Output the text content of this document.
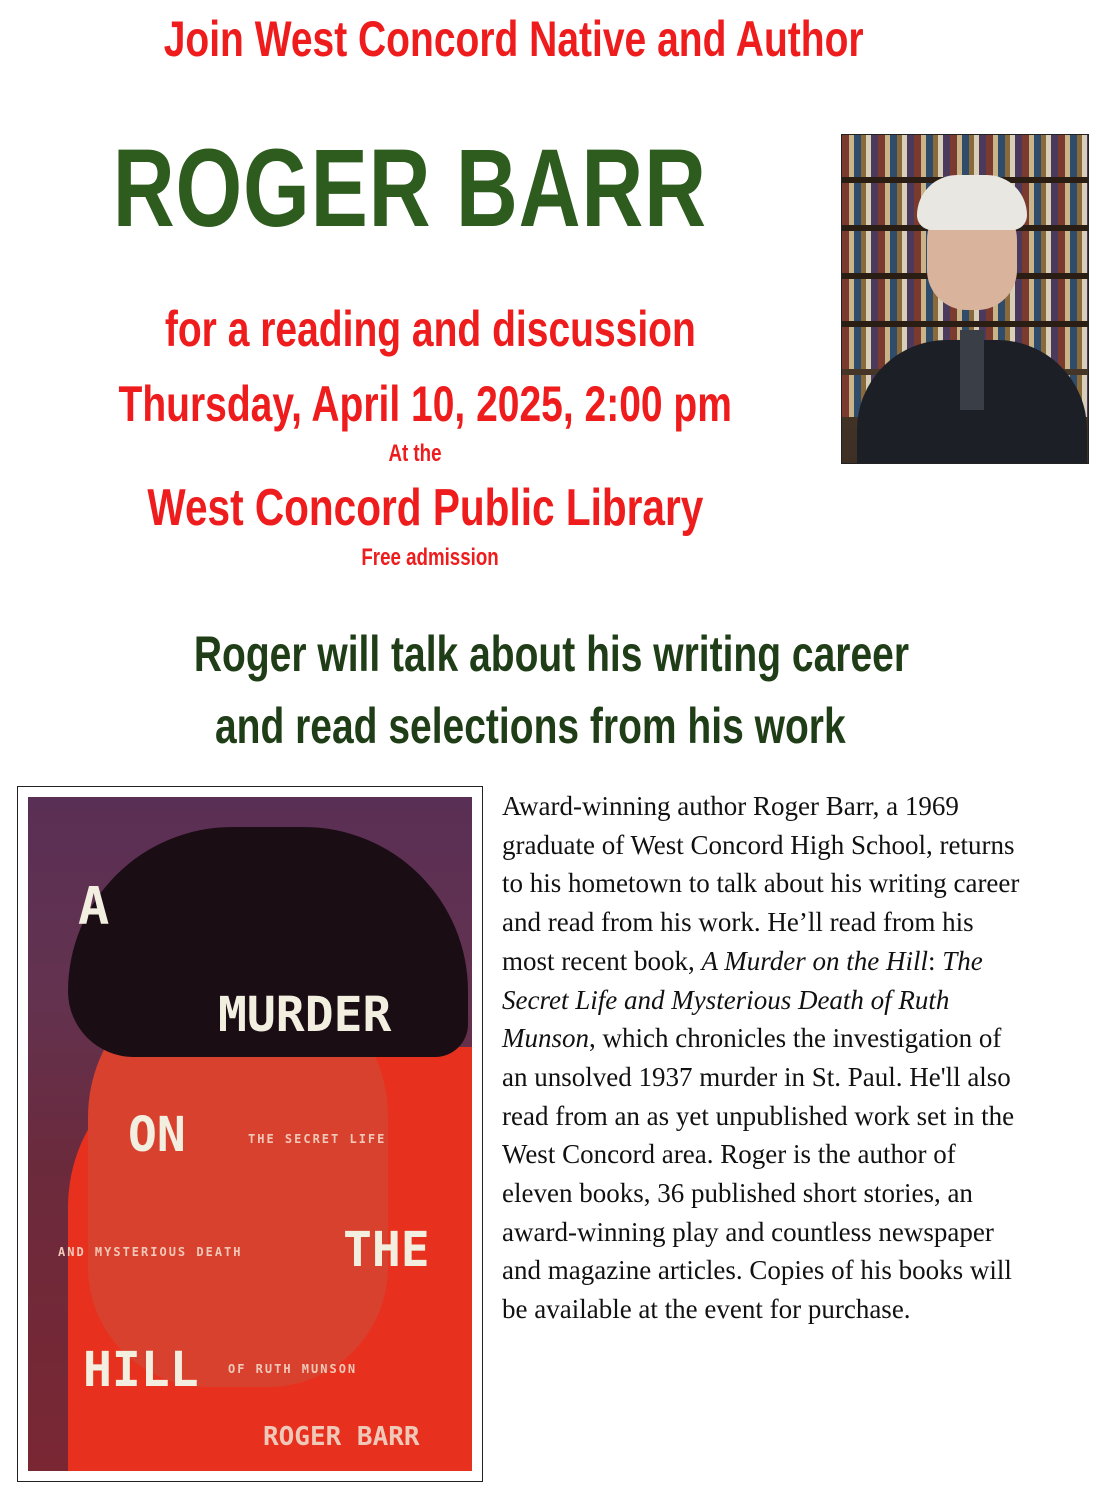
Join West Concord Native and Author
ROGER BARR
for a reading and discussion
Thursday, April 10, 2025, 2:00 pm
At the
West Concord Public Library
Free admission
Roger will talk about his writing career
and read selections from his work
A
MURDER
ON	THE SECRET LIFE
AND MYSTERIOUS DEATH THE
HILL OF RUTH MUNSON
ROGER BARR
Award-winning author Roger Barr, a 1969 graduate of West Concord High School, returns to his hometown to talk about his writing career and read from his work. He’ll read from his most recent book, A Murder on the Hill: The Secret Life and Mysterious Death of Ruth Munson, which chronicles the investigation of an unsolved 1937 murder in St. Paul. He'll also read from an as yet unpublished work set in the West Concord area. Roger is the author of eleven books, 36 published short stories, an award-winning play and countless newspaper and magazine articles. Copies of his books will be available at the event for purchase.
